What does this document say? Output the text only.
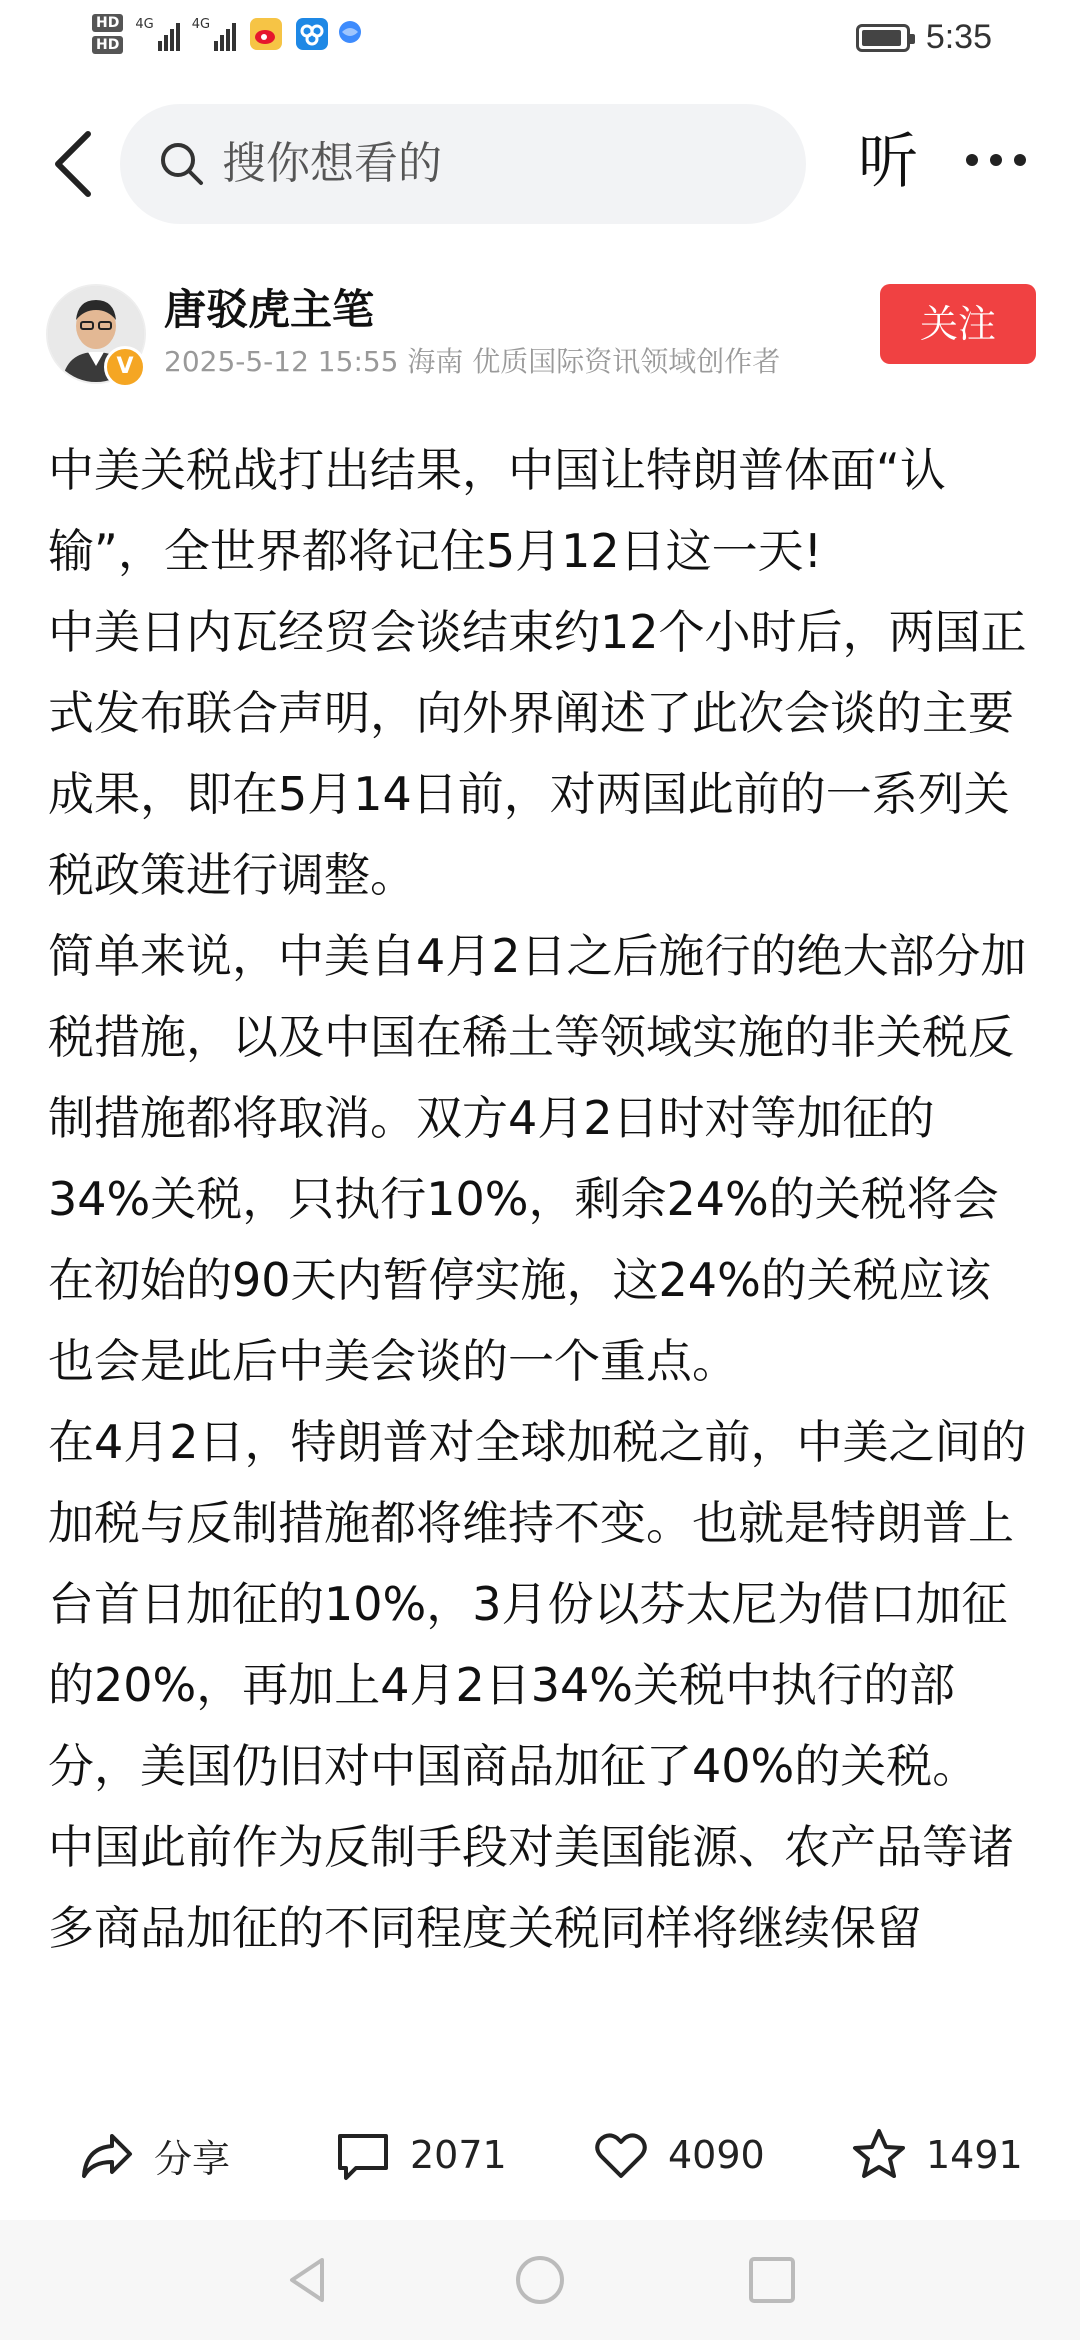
HD
HD
4G	4G	5:35
搜你想看的	听
V
唐驳虎主笔
2025-5-12 15:55 海南 优质国际资讯领域创作者
关注

中美关税战打出结果，中国让特朗普体面“认输”，全世界都将记住5月12日这一天!

中美日内瓦经贸会谈结束约12个小时后，两国正式发布联合声明，向外界阐述了此次会谈的主要成果，即在5月14日前，对两国此前的一系列关税政策进行调整。

简单来说，中美自4月2日之后施行的绝大部分加税措施，以及中国在稀土等领域实施的非关税反制措施都将取消。双方4月2日时对等加征的34%关税，只执行10%，剩余24%的关税将会在初始的90天内暂停实施，这24%的关税应该也会是此后中美会谈的一个重点。

在4月2日，特朗普对全球加税之前，中美之间的加税与反制措施都将维持不变。也就是特朗普上台首日加征的10%，3月份以芬太尼为借口加征的20%，再加上4月2日34%关税中执行的部分，美国仍旧对中国商品加征了40%的关税。

中国此前作为反制手段对美国能源、农产品等诸多商品加征的不同程度关税同样将继续保留

分享	2071	4090	1491
